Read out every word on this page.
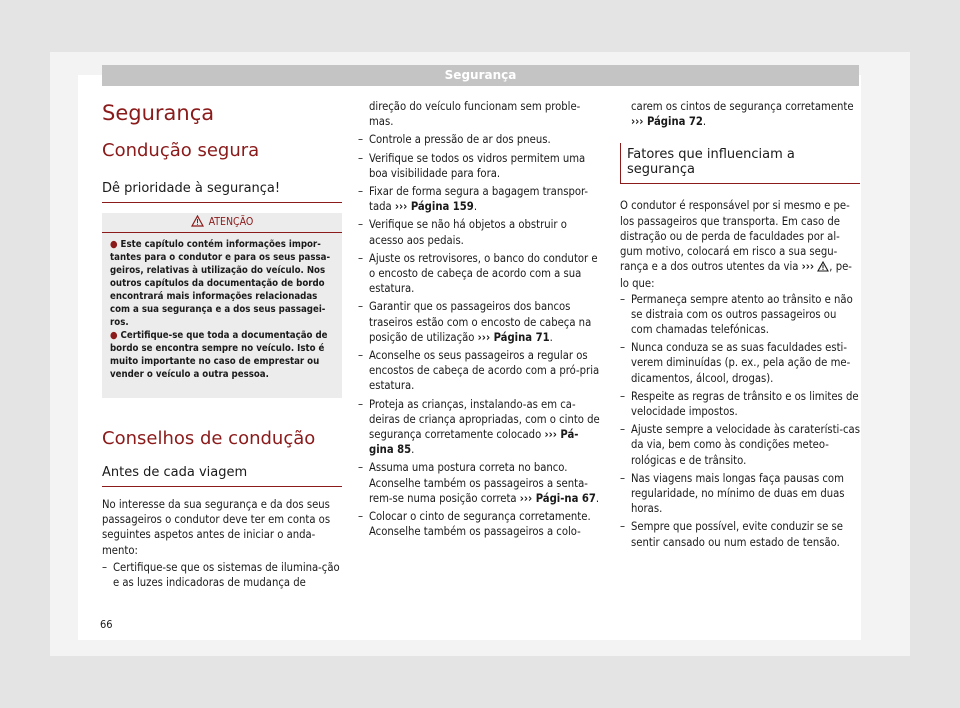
Segurança
Segurança
Condução segura
Dê prioridade à segurança!
ATENÇÃO

● Este capítulo contém informações impor-tantes para o condutor e para os seus passa-geiros, relativas à utilização do veículo. Nos outros capítulos da documentação de bordo encontrará mais informações relacionadas com a sua segurança e a dos seus passagei-ros.

● Certifique-se que toda a documentação de bordo se encontra sempre no veículo. Isto é muito importante no caso de emprestar ou vender o veículo a outra pessoa.

Conselhos de condução
Antes de cada viagem

No interesse da sua segurança e da dos seus passageiros o condutor deve ter em conta os seguintes aspetos antes de iniciar o anda-mento:

– Certifique-se que os sistemas de ilumina-ção e as luzes indicadoras de mudança de

direção do veículo funcionam sem proble-mas.

– Controle a pressão de ar dos pneus.
– Verifique se todos os vidros permitem uma boa visibilidade para fora.
– Fixar de forma segura a bagagem transpor-tada ››› Página 159.
– Verifique se não há objetos a obstruir o acesso aos pedais.
– Ajuste os retrovisores, o banco do condutor e o encosto de cabeça de acordo com a sua estatura.
– Garantir que os passageiros dos bancos traseiros estão com o encosto de cabeça na posição de utilização ››› Página 71.
– Aconselhe os seus passageiros a regular os encostos de cabeça de acordo com a pró-pria estatura.
– Proteja as crianças, instalando-as em ca-deiras de criança apropriadas, com o cinto de segurança corretamente colocado ››› Pá-gina 85.
– Assuma uma postura correta no banco. Aconselhe também os passageiros a senta-rem-se numa posição correta ››› Pági-na 67.
– Colocar o cinto de segurança corretamente. Aconselhe também os passageiros a colo-

carem os cintos de segurança corretamente ››› Página 72.

Fatores que influenciam a segurança

O condutor é responsável por si mesmo e pe-los passageiros que transporta. Em caso de distração ou de perda de faculdades por al-gum motivo, colocará em risco a sua segu-rança e a dos outros utentes da via ››› , pe-lo que:

– Permaneça sempre atento ao trânsito e não se distraia com os outros passageiros ou com chamadas telefónicas.
– Nunca conduza se as suas faculdades esti-verem diminuídas (p. ex., pela ação de me-dicamentos, álcool, drogas).
– Respeite as regras de trânsito e os limites de velocidade impostos.
– Ajuste sempre a velocidade às caraterísti-cas da via, bem como às condições meteo-rológicas e de trânsito.
– Nas viagens mais longas faça pausas com regularidade, no mínimo de duas em duas horas.
– Sempre que possível, evite conduzir se se sentir cansado ou num estado de tensão.
66
